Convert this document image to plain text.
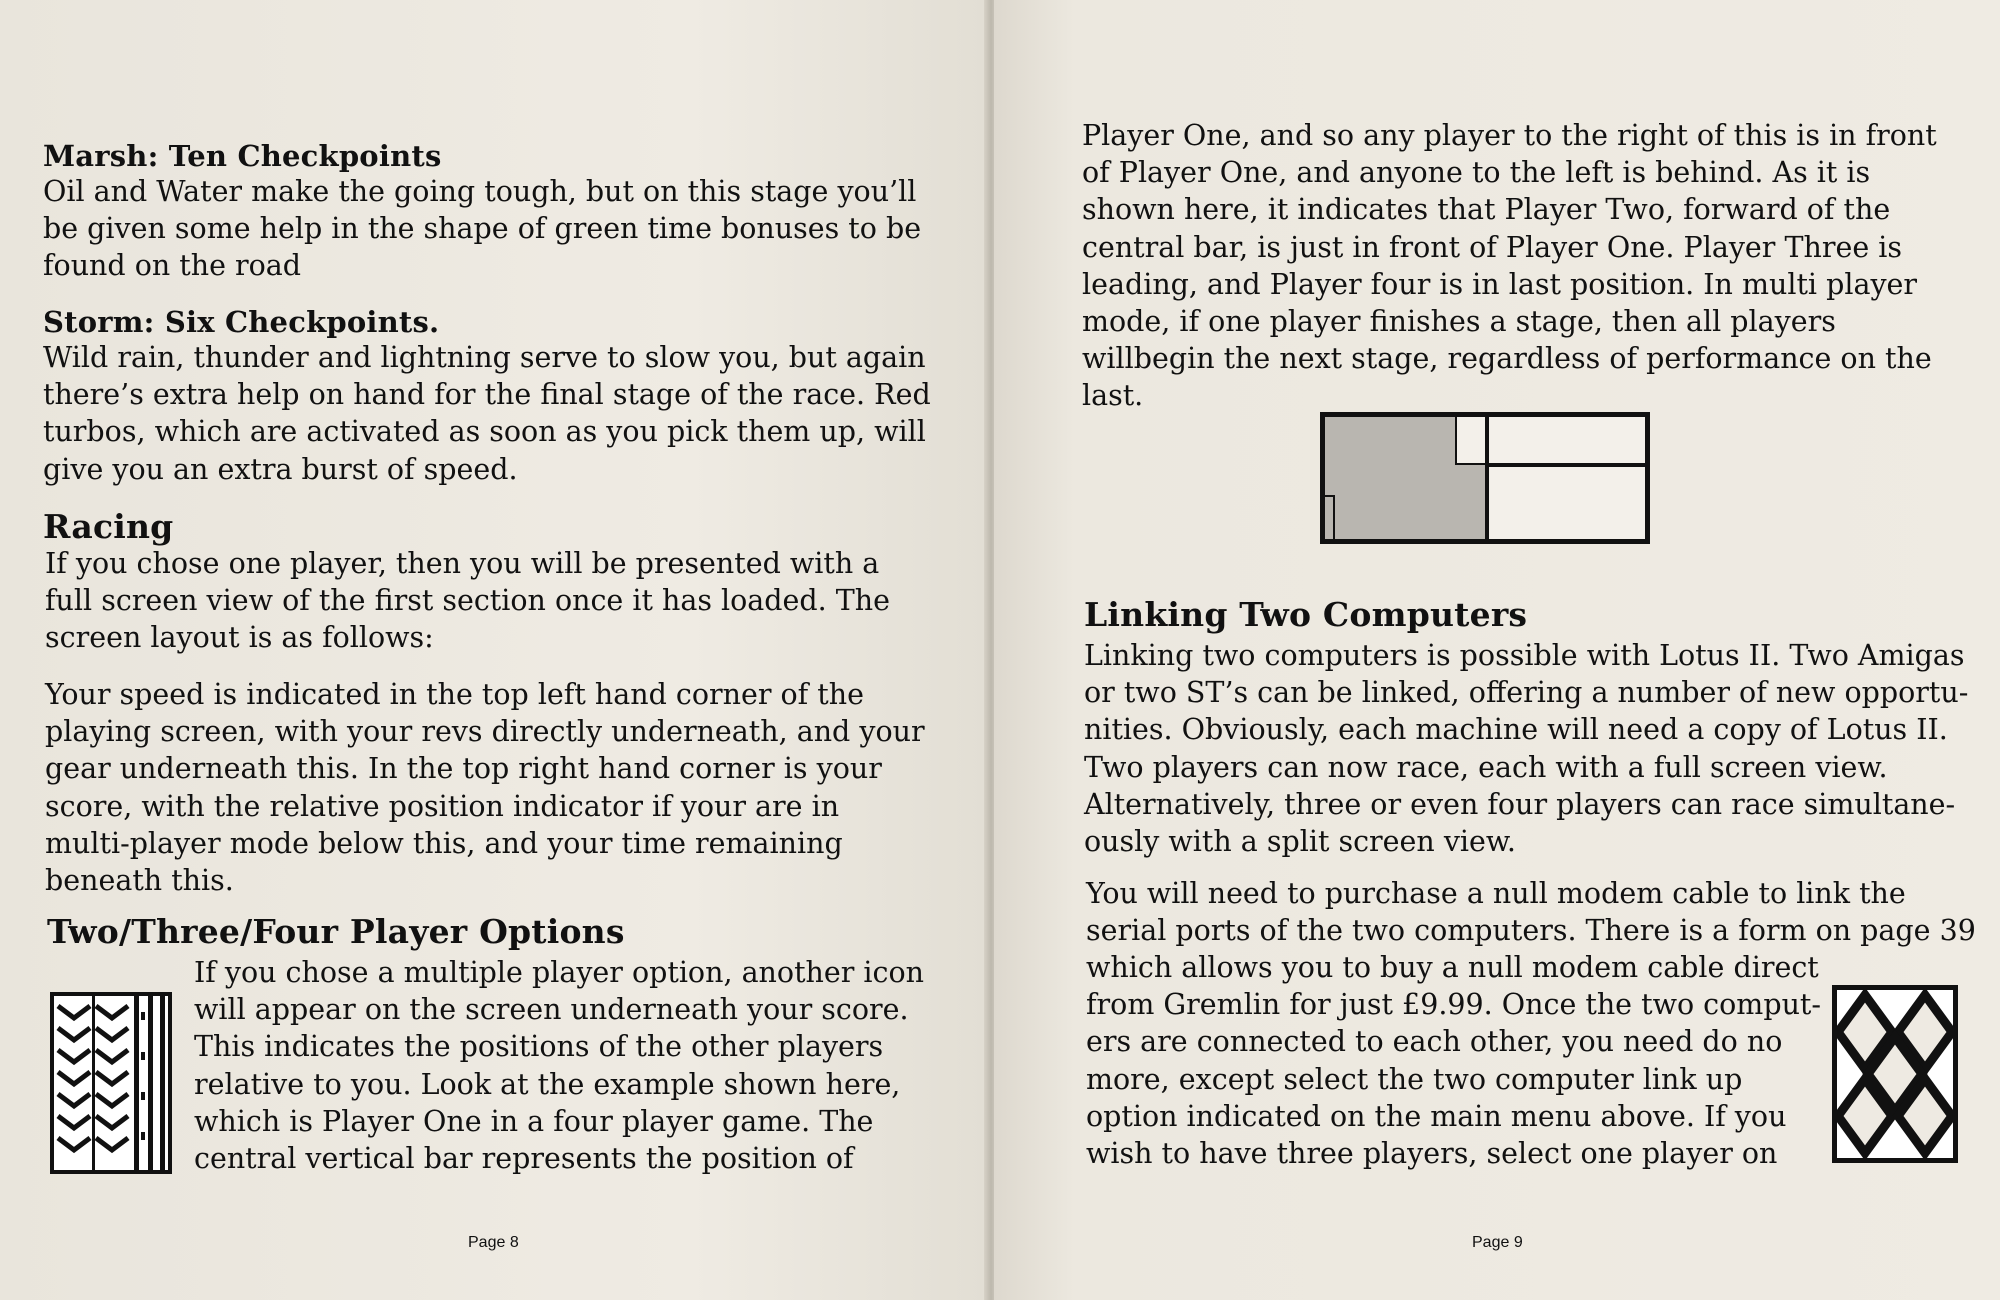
Marsh: Ten Checkpoints

Oil and Water make the going tough, but on this stage you’ll
be given some help in the shape of green time bonuses to be
found on the road

Storm: Six Checkpoints.

Wild rain, thunder and lightning serve to slow you, but again
there’s extra help on hand for the final stage of the race. Red
turbos, which are activated as soon as you pick them up, will
give you an extra burst of speed.

Racing

If you chose one player, then you will be presented with a
full screen view of the first section once it has loaded. The
screen layout is as follows:

Your speed is indicated in the top left hand corner of the
playing screen, with your revs directly underneath, and your
gear underneath this. In the top right hand corner is your
score, with the relative position indicator if your are in
multi-player mode below this, and your time remaining
beneath this.

Two/Three/Four Player Options

If you chose a multiple player option, another icon
will appear on the screen underneath your score.
This indicates the positions of the other players
relative to you. Look at the example shown here,
which is Player One in a four player game. The
central vertical bar represents the position of

Page 8

Player One, and so any player to the right of this is in front
of Player One, and anyone to the left is behind. As it is
shown here, it indicates that Player Two, forward of the
central bar, is just in front of Player One. Player Three is
leading, and Player four is in last position. In multi player
mode, if one player finishes a stage, then all players
willbegin the next stage, regardless of performance on the
last.

Linking Two Computers

Linking two computers is possible with Lotus II. Two Amigas
or two ST’s can be linked, offering a number of new opportu-
nities. Obviously, each machine will need a copy of Lotus II.
Two players can now race, each with a full screen view.
Alternatively, three or even four players can race simultane-
ously with a split screen view.

You will need to purchase a null modem cable to link the
serial ports of the two computers. There is a form on page 39

which allows you to buy a null modem cable direct
from Gremlin for just £9.99. Once the two comput-
ers are connected to each other, you need do no
more, except select the two computer link up
option indicated on the main menu above. If you
wish to have three players, select one player on

Page 9
